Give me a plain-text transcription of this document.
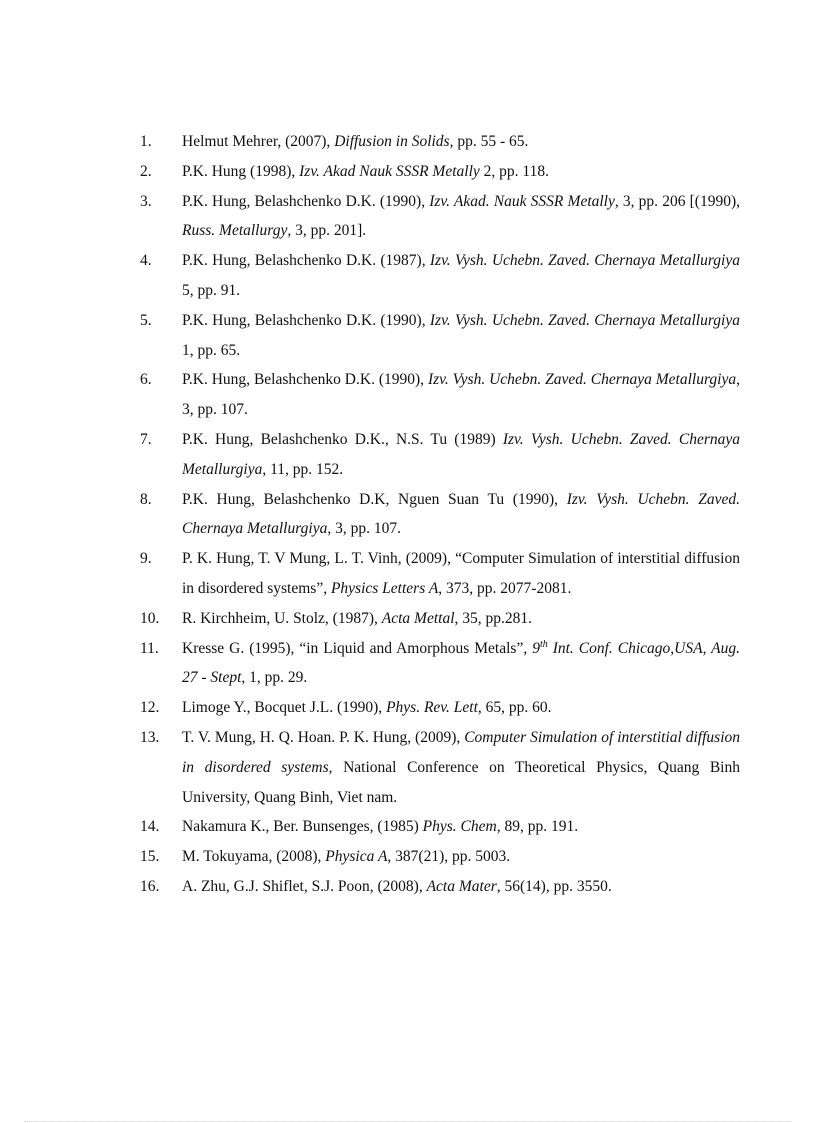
1.	Helmut Mehrer, (2007), Diffusion in Solids, pp. 55 - 65.
2.	P.K. Hung (1998), Izv. Akad Nauk SSSR Metally 2, pp. 118.
3.	P.K. Hung, Belashchenko D.K. (1990), Izv. Akad. Nauk SSSR Metally, 3, pp. 206 [(1990), Russ. Metallurgy, 3, pp. 201].
4.	P.K. Hung, Belashchenko D.K. (1987), Izv. Vysh. Uchebn. Zaved. Chernaya Metallurgiya 5, pp. 91.
5.	P.K. Hung, Belashchenko D.K. (1990), Izv. Vysh. Uchebn. Zaved. Chernaya Metallurgiya 1, pp. 65.
6.	P.K. Hung, Belashchenko D.K. (1990), Izv. Vysh. Uchebn. Zaved. Chernaya Metallurgiya, 3, pp. 107.
7.	P.K. Hung, Belashchenko D.K., N.S. Tu (1989) Izv. Vysh. Uchebn. Zaved. Chernaya Metallurgiya, 11, pp. 152.
8.	P.K. Hung, Belashchenko D.K, Nguen Suan Tu (1990), Izv. Vysh. Uchebn. Zaved. Chernaya Metallurgiya, 3, pp. 107.
9.	P. K. Hung, T. V Mung, L. T. Vinh, (2009), “Computer Simulation of interstitial diffusion in disordered systems”, Physics Letters A, 373, pp. 2077-2081.
10.	R. Kirchheim, U. Stolz, (1987), Acta Mettal, 35, pp.281.
11.	Kresse G. (1995), “in Liquid and Amorphous Metals”, 9th Int. Conf. Chicago,USA, Aug. 27 - Stept, 1, pp. 29.
12.	Limoge Y., Bocquet J.L. (1990), Phys. Rev. Lett, 65, pp. 60.
13.	T. V. Mung, H. Q. Hoan. P. K. Hung, (2009), Computer Simulation of interstitial diffusion in disordered systems, National Conference on Theoretical Physics, Quang Binh University, Quang Binh, Viet nam.
14.	Nakamura K., Ber. Bunsenges, (1985) Phys. Chem, 89, pp. 191.
15.	M. Tokuyama, (2008), Physica A, 387(21), pp. 5003.
16.	A. Zhu, G.J. Shiflet, S.J. Poon, (2008), Acta Mater, 56(14), pp. 3550.
